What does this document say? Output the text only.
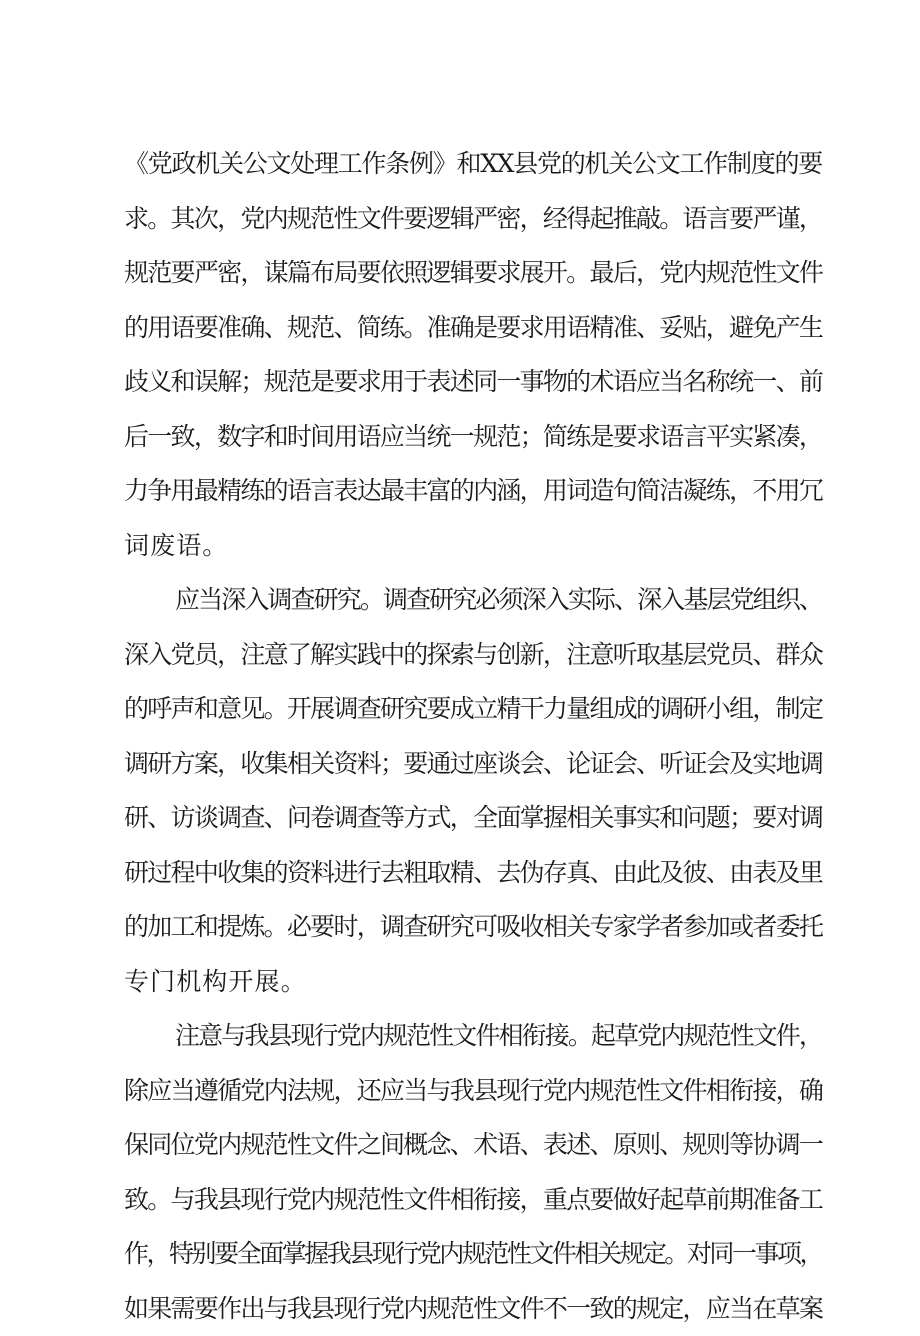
《党政机关公文处理工作条例》和XX县党的机关公文工作制度的要
求。其次，党内规范性文件要逻辑严密，经得起推敲。语言要严谨，
规范要严密，谋篇布局要依照逻辑要求展开。最后，党内规范性文件
的用语要准确、规范、简练。准确是要求用语精准、妥贴，避免产生
歧义和误解；规范是要求用于表述同一事物的术语应当名称统一、前
后一致，数字和时间用语应当统一规范；简练是要求语言平实紧凑，
力争用最精练的语言表达最丰富的内涵，用词造句简洁凝练，不用冗
词废语。
应当深入调查研究。调查研究必须深入实际、深入基层党组织、
深入党员，注意了解实践中的探索与创新，注意听取基层党员、群众
的呼声和意见。开展调查研究要成立精干力量组成的调研小组，制定
调研方案，收集相关资料；要通过座谈会、论证会、听证会及实地调
研、访谈调查、问卷调查等方式，全面掌握相关事实和问题；要对调
研过程中收集的资料进行去粗取精、去伪存真、由此及彼、由表及里
的加工和提炼。必要时，调查研究可吸收相关专家学者参加或者委托
专门机构开展。
注意与我县现行党内规范性文件相衔接。起草党内规范性文件，
除应当遵循党内法规，还应当与我县现行党内规范性文件相衔接，确
保同位党内规范性文件之间概念、术语、表述、原则、规则等协调一
致。与我县现行党内规范性文件相衔接，重点要做好起草前期准备工
作，特别要全面掌握我县现行党内规范性文件相关规定。对同一事项，
如果需要作出与我县现行党内规范性文件不一致的规定，应当在草案
